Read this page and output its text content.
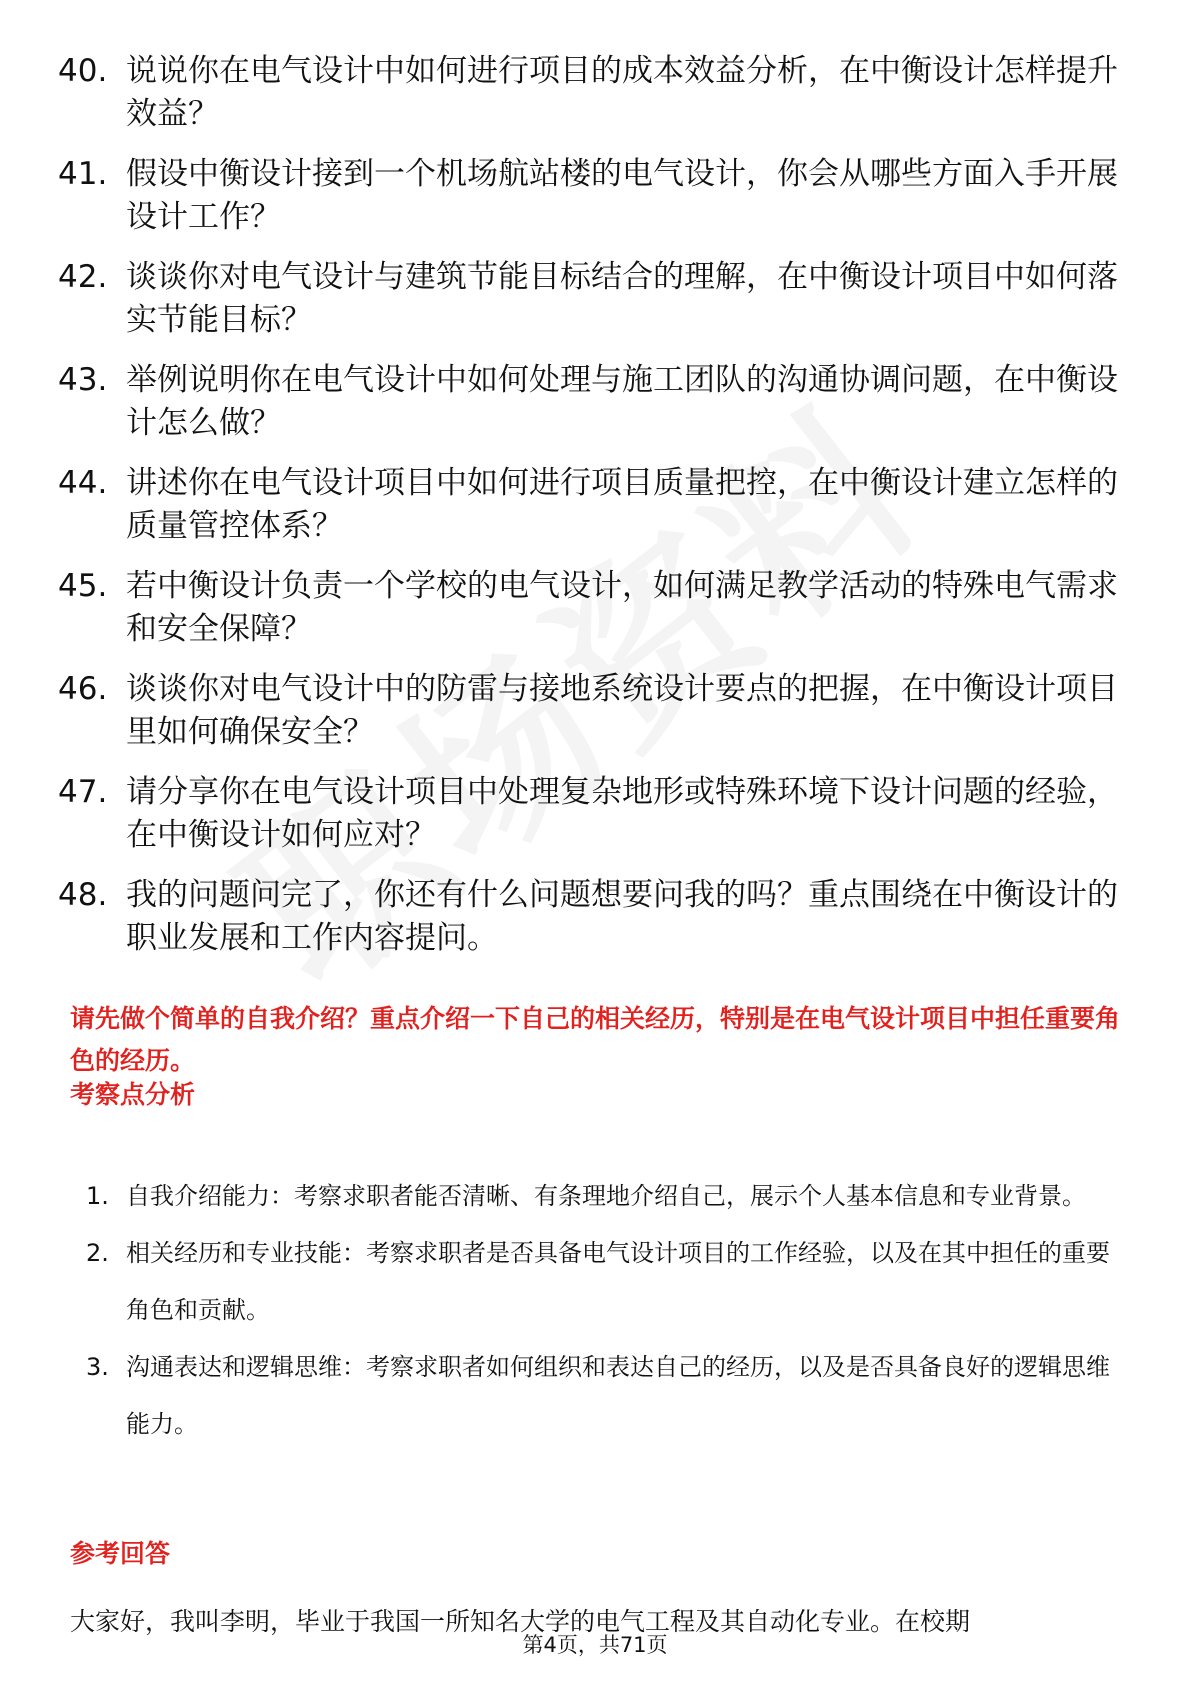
40. 说说你在电气设计中如何进行项目的成本效益分析，在中衡设计怎样提升效益？
41. 假设中衡设计接到一个机场航站楼的电气设计，你会从哪些方面入手开展设计工作？
42. 谈谈你对电气设计与建筑节能目标结合的理解，在中衡设计项目中如何落实节能目标？
43. 举例说明你在电气设计中如何处理与施工团队的沟通协调问题，在中衡设计怎么做？
44. 讲述你在电气设计项目中如何进行项目质量把控，在中衡设计建立怎样的质量管控体系？
45. 若中衡设计负责一个学校的电气设计，如何满足教学活动的特殊电气需求和安全保障？
46. 谈谈你对电气设计中的防雷与接地系统设计要点的把握，在中衡设计项目里如何确保安全？
47. 请分享你在电气设计项目中处理复杂地形或特殊环境下设计问题的经验，在中衡设计如何应对？
48. 我的问题问完了，你还有什么问题想要问我的吗？重点围绕在中衡设计的职业发展和工作内容提问。
请先做个简单的自我介绍？重点介绍一下自己的相关经历，特别是在电气设计项目中担任重要角色的经历。
考察点分析
1. 自我介绍能力：考察求职者能否清晰、有条理地介绍自己，展示个人基本信息和专业背景。
2. 相关经历和专业技能：考察求职者是否具备电气设计项目的工作经验，以及在其中担任的重要角色和贡献。
3. 沟通表达和逻辑思维：考察求职者如何组织和表达自己的经历，以及是否具备良好的逻辑思维能力。
参考回答
大家好，我叫李明，毕业于我国一所知名大学的电气工程及其自动化专业。在校期
第4页，共71页
